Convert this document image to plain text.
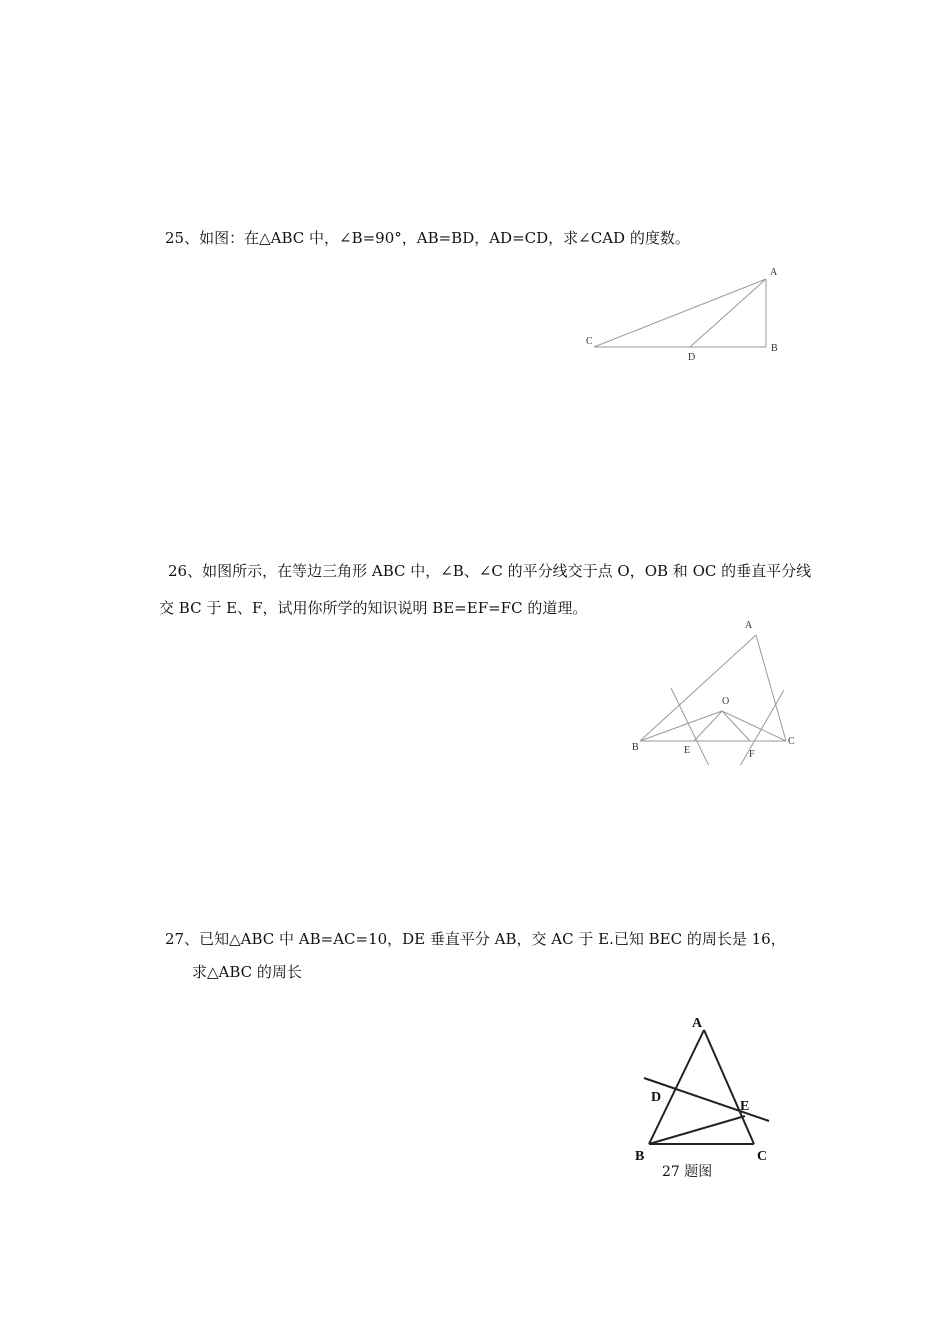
25、如图：在△ABC 中，∠B=90°，AB=BD，AD=CD，求∠CAD 的度数。
A
B
C
D
26、如图所示，在等边三角形 ABC 中，∠B、∠C 的平分线交于点 O，OB 和 OC 的垂直平分线
交 BC 于 E、F，试用你所学的知识说明 BE=EF=FC 的道理。
A
B
C
O
E	F
27、已知△ABC 中 AB=AC=10，DE 垂直平分 AB，交 AC 于 E.已知 BEC 的周长是 16，
求△ABC 的周长
A
B	C
D
E
27 题图
